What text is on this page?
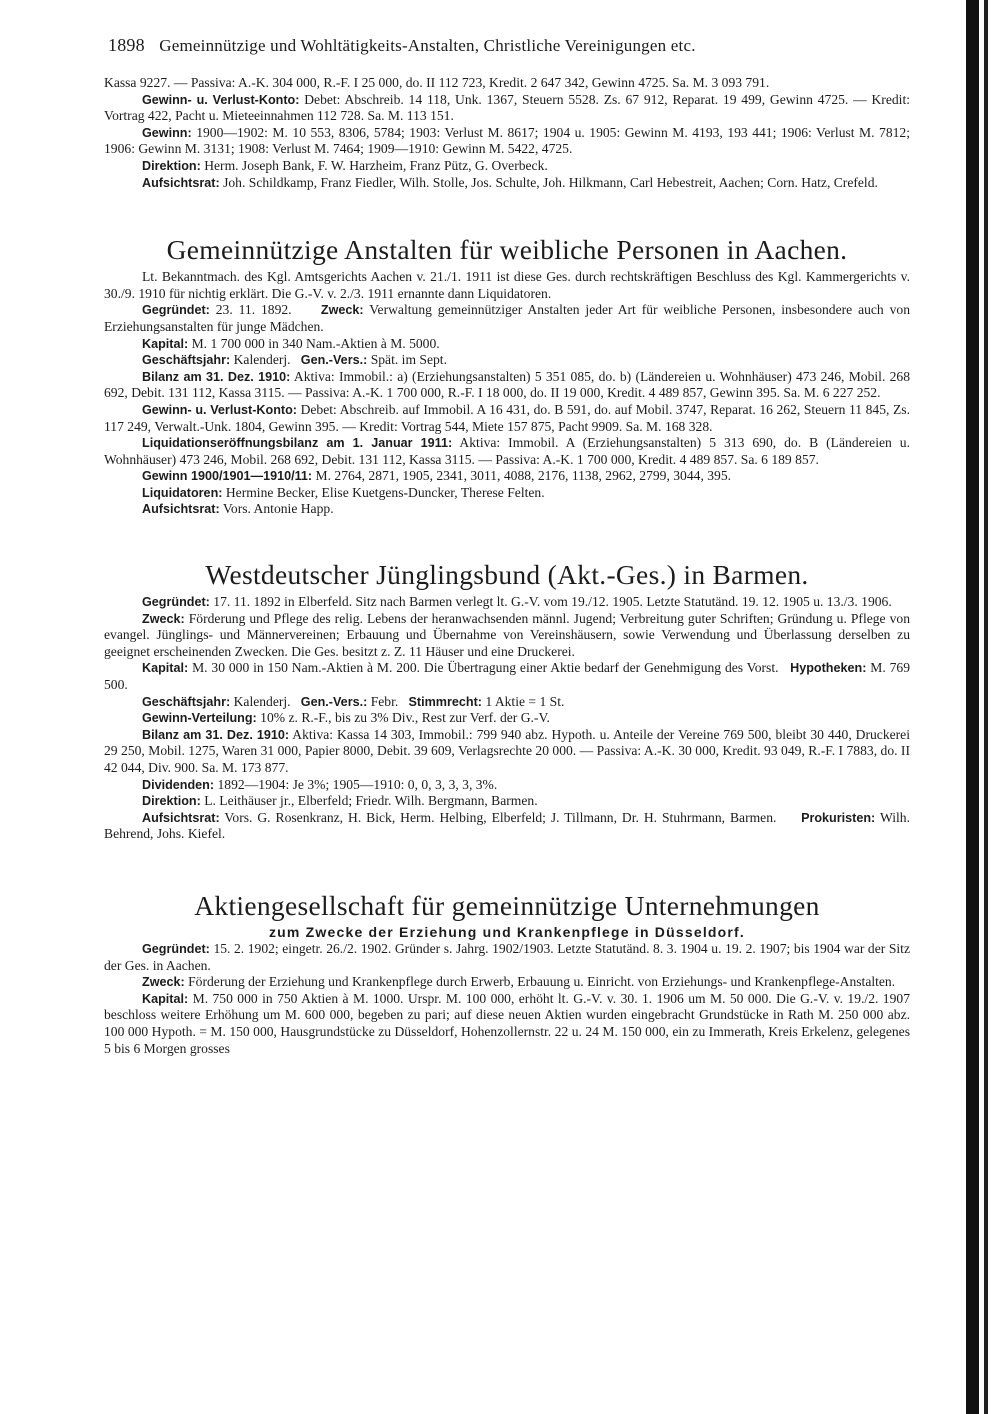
1898 Gemeinnützige und Wohltätigkeits-Anstalten, Christliche Vereinigungen etc.

Kassa 9227. — Passiva: A.-K. 304 000, R.-F. I 25 000, do. II 112 723, Kredit. 2 647 342, Gewinn 4725. Sa. M. 3 093 791.

Gewinn- u. Verlust-Konto: Debet: Abschreib. 14 118, Unk. 1367, Steuern 5528. Zs. 67 912, Reparat. 19 499, Gewinn 4725. — Kredit: Vortrag 422, Pacht u. Mieteeinnahmen 112 728. Sa. M. 113 151.

Gewinn: 1900—1902: M. 10 553, 8306, 5784; 1903: Verlust M. 8617; 1904 u. 1905: Gewinn M. 4193, 193 441; 1906: Verlust M. 7812; 1906: Gewinn M. 3131; 1908: Verlust M. 7464; 1909—1910: Gewinn M. 5422, 4725.

Direktion: Herm. Joseph Bank, F. W. Harzheim, Franz Pütz, G. Overbeck.

Aufsichtsrat: Joh. Schildkamp, Franz Fiedler, Wilh. Stolle, Jos. Schulte, Joh. Hilkmann, Carl Hebestreit, Aachen; Corn. Hatz, Crefeld.

Gemeinnützige Anstalten für weibliche Personen in Aachen.

Lt. Bekanntmach. des Kgl. Amtsgerichts Aachen v. 21./1. 1911 ist diese Ges. durch rechtskräftigen Beschluss des Kgl. Kammergerichts v. 30./9. 1910 für nichtig erklärt. Die G.-V. v. 2./3. 1911 ernannte dann Liquidatoren.

Gegründet: 23. 11. 1892. Zweck: Verwaltung gemeinnütziger Anstalten jeder Art für weibliche Personen, insbesondere auch von Erziehungsanstalten für junge Mädchen.

Kapital: M. 1 700 000 in 340 Nam.-Aktien à M. 5000.

Geschäftsjahr: Kalenderj. Gen.-Vers.: Spät. im Sept.

Bilanz am 31. Dez. 1910: Aktiva: Immobil.: a) (Erziehungsanstalten) 5 351 085, do. b) (Ländereien u. Wohnhäuser) 473 246, Mobil. 268 692, Debit. 131 112, Kassa 3115. — Passiva: A.-K. 1 700 000, R.-F. I 18 000, do. II 19 000, Kredit. 4 489 857, Gewinn 395. Sa. M. 6 227 252.

Gewinn- u. Verlust-Konto: Debet: Abschreib. auf Immobil. A 16 431, do. B 591, do. auf Mobil. 3747, Reparat. 16 262, Steuern 11 845, Zs. 117 249, Verwalt.-Unk. 1804, Gewinn 395. — Kredit: Vortrag 544, Miete 157 875, Pacht 9909. Sa. M. 168 328.

Liquidationseröffnungsbilanz am 1. Januar 1911: Aktiva: Immobil. A (Erziehungsanstalten) 5 313 690, do. B (Ländereien u. Wohnhäuser) 473 246, Mobil. 268 692, Debit. 131 112, Kassa 3115. — Passiva: A.-K. 1 700 000, Kredit. 4 489 857. Sa. 6 189 857.

Gewinn 1900/1901—1910/11: M. 2764, 2871, 1905, 2341, 3011, 4088, 2176, 1138, 2962, 2799, 3044, 395.

Liquidatoren: Hermine Becker, Elise Kuetgens-Duncker, Therese Felten.

Aufsichtsrat: Vors. Antonie Happ.

Westdeutscher Jünglingsbund (Akt.-Ges.) in Barmen.

Gegründet: 17. 11. 1892 in Elberfeld. Sitz nach Barmen verlegt lt. G.-V. vom 19./12. 1905. Letzte Statutänd. 19. 12. 1905 u. 13./3. 1906.

Zweck: Förderung und Pflege des relig. Lebens der heranwachsenden männl. Jugend; Verbreitung guter Schriften; Gründung u. Pflege von evangel. Jünglings- und Männervereinen; Erbauung und Übernahme von Vereinshäusern, sowie Verwendung und Überlassung derselben zu geeignet erscheinenden Zwecken. Die Ges. besitzt z. Z. 11 Häuser und eine Druckerei.

Kapital: M. 30 000 in 150 Nam.-Aktien à M. 200. Die Übertragung einer Aktie bedarf der Genehmigung des Vorst. Hypotheken: M. 769 500.

Geschäftsjahr: Kalenderj. Gen.-Vers.: Febr. Stimmrecht: 1 Aktie = 1 St.

Gewinn-Verteilung: 10% z. R.-F., bis zu 3% Div., Rest zur Verf. der G.-V.

Bilanz am 31. Dez. 1910: Aktiva: Kassa 14 303, Immobil.: 799 940 abz. Hypoth. u. Anteile der Vereine 769 500, bleibt 30 440, Druckerei 29 250, Mobil. 1275, Waren 31 000, Papier 8000, Debit. 39 609, Verlagsrechte 20 000. — Passiva: A.-K. 30 000, Kredit. 93 049, R.-F. I 7883, do. II 42 044, Div. 900. Sa. M. 173 877.

Dividenden: 1892—1904: Je 3%; 1905—1910: 0, 0, 3, 3, 3, 3%.

Direktion: L. Leithäuser jr., Elberfeld; Friedr. Wilh. Bergmann, Barmen.

Aufsichtsrat: Vors. G. Rosenkranz, H. Bick, Herm. Helbing, Elberfeld; J. Tillmann, Dr. H. Stuhrmann, Barmen. Prokuristen: Wilh. Behrend, Johs. Kiefel.

Aktiengesellschaft für gemeinnützige Unternehmungen
zum Zwecke der Erziehung und Krankenpflege in Düsseldorf.

Gegründet: 15. 2. 1902; eingetr. 26./2. 1902. Gründer s. Jahrg. 1902/1903. Letzte Statutänd. 8. 3. 1904 u. 19. 2. 1907; bis 1904 war der Sitz der Ges. in Aachen.

Zweck: Förderung der Erziehung und Krankenpflege durch Erwerb, Erbauung u. Einricht. von Erziehungs- und Krankenpflege-Anstalten.

Kapital: M. 750 000 in 750 Aktien à M. 1000. Urspr. M. 100 000, erhöht lt. G.-V. v. 30. 1. 1906 um M. 50 000. Die G.-V. v. 19./2. 1907 beschloss weitere Erhöhung um M. 600 000, begeben zu pari; auf diese neuen Aktien wurden eingebracht Grundstücke in Rath M. 250 000 abz. 100 000 Hypoth. = M. 150 000, Hausgrundstücke zu Düsseldorf, Hohenzollernstr. 22 u. 24 M. 150 000, ein zu Immerath, Kreis Erkelenz, gelegenes 5 bis 6 Morgen grosses
